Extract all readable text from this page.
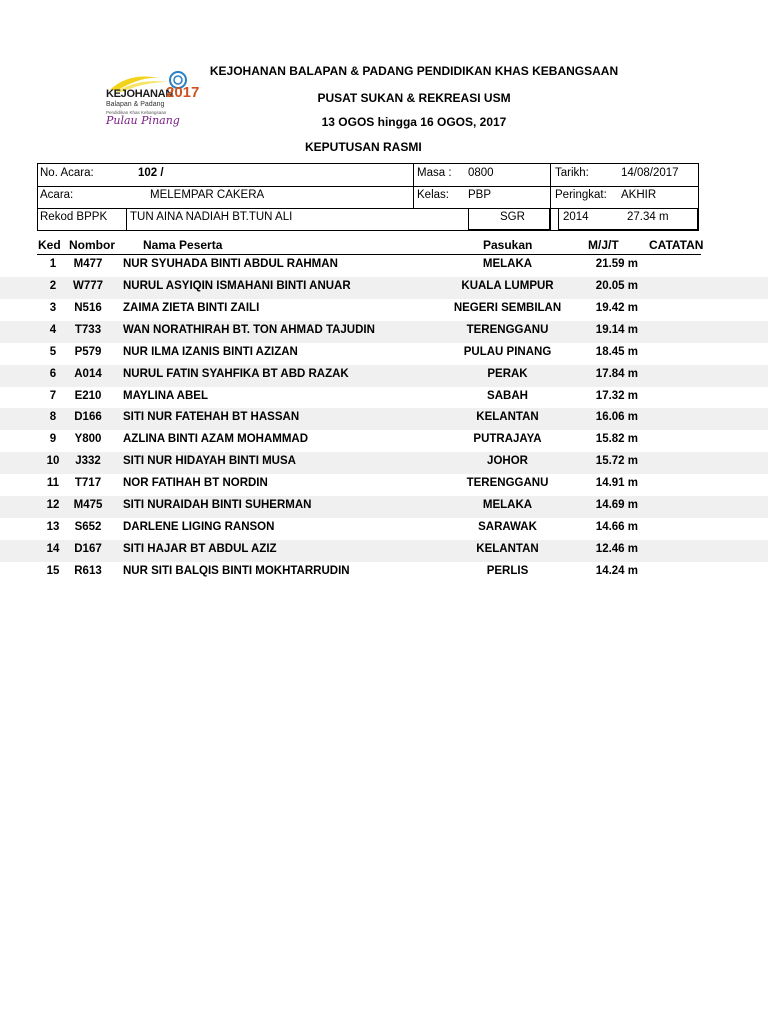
KEJOHANAN
2017
Balapan & Padang
Pendidikan Khas Kebangsaan
Pulau Pinang
KEJOHANAN BALAPAN & PADANG PENDIDIKAN KHAS KEBANGSAAN
PUSAT SUKAN & REKREASI USM
13 OGOS hingga 16 OGOS, 2017
KEPUTUSAN RASMI
No. Acara:	102 /	Masa : 0800	Tarikh:	14/08/2017
Acara:	MELEMPAR CAKERA	Kelas: PBP	Peringkat: AKHIR
Rekod BPPK TUN AINA NADIAH BT.TUN ALI	SGR	2014	27.34 m
Ked Nombor Nama Peserta	Pasukan	M/J/T	CATATAN
1	M477	NUR SYUHADA BINTI ABDUL RAHMAN	MELAKA	21.59 m
2	W777	NURUL ASYIQIN ISMAHANI BINTI ANUAR	KUALA LUMPUR	20.05 m
3	N516	ZAIMA ZIETA BINTI ZAILI	NEGERI SEMBILAN	19.42 m
4	T733	WAN NORATHIRAH BT. TON AHMAD TAJUDIN	TERENGGANU	19.14 m
5	P579	NUR ILMA IZANIS BINTI AZIZAN	PULAU PINANG	18.45 m
6	A014	NURUL FATIN SYAHFIKA BT ABD RAZAK	PERAK	17.84 m
7	E210	MAYLINA ABEL	SABAH	17.32 m
8	D166	SITI NUR FATEHAH BT HASSAN	KELANTAN	16.06 m
9	Y800	AZLINA BINTI AZAM MOHAMMAD	PUTRAJAYA	15.82 m
10	J332	SITI NUR HIDAYAH BINTI MUSA	JOHOR	15.72 m
11	T717	NOR FATIHAH BT NORDIN	TERENGGANU	14.91 m
12	M475	SITI NURAIDAH BINTI SUHERMAN	MELAKA	14.69 m
13	S652	DARLENE LIGING RANSON	SARAWAK	14.66 m
14	D167	SITI HAJAR BT ABDUL AZIZ	KELANTAN	12.46 m
15	R613	NUR SITI BALQIS BINTI MOKHTARRUDIN	PERLIS	14.24 m
